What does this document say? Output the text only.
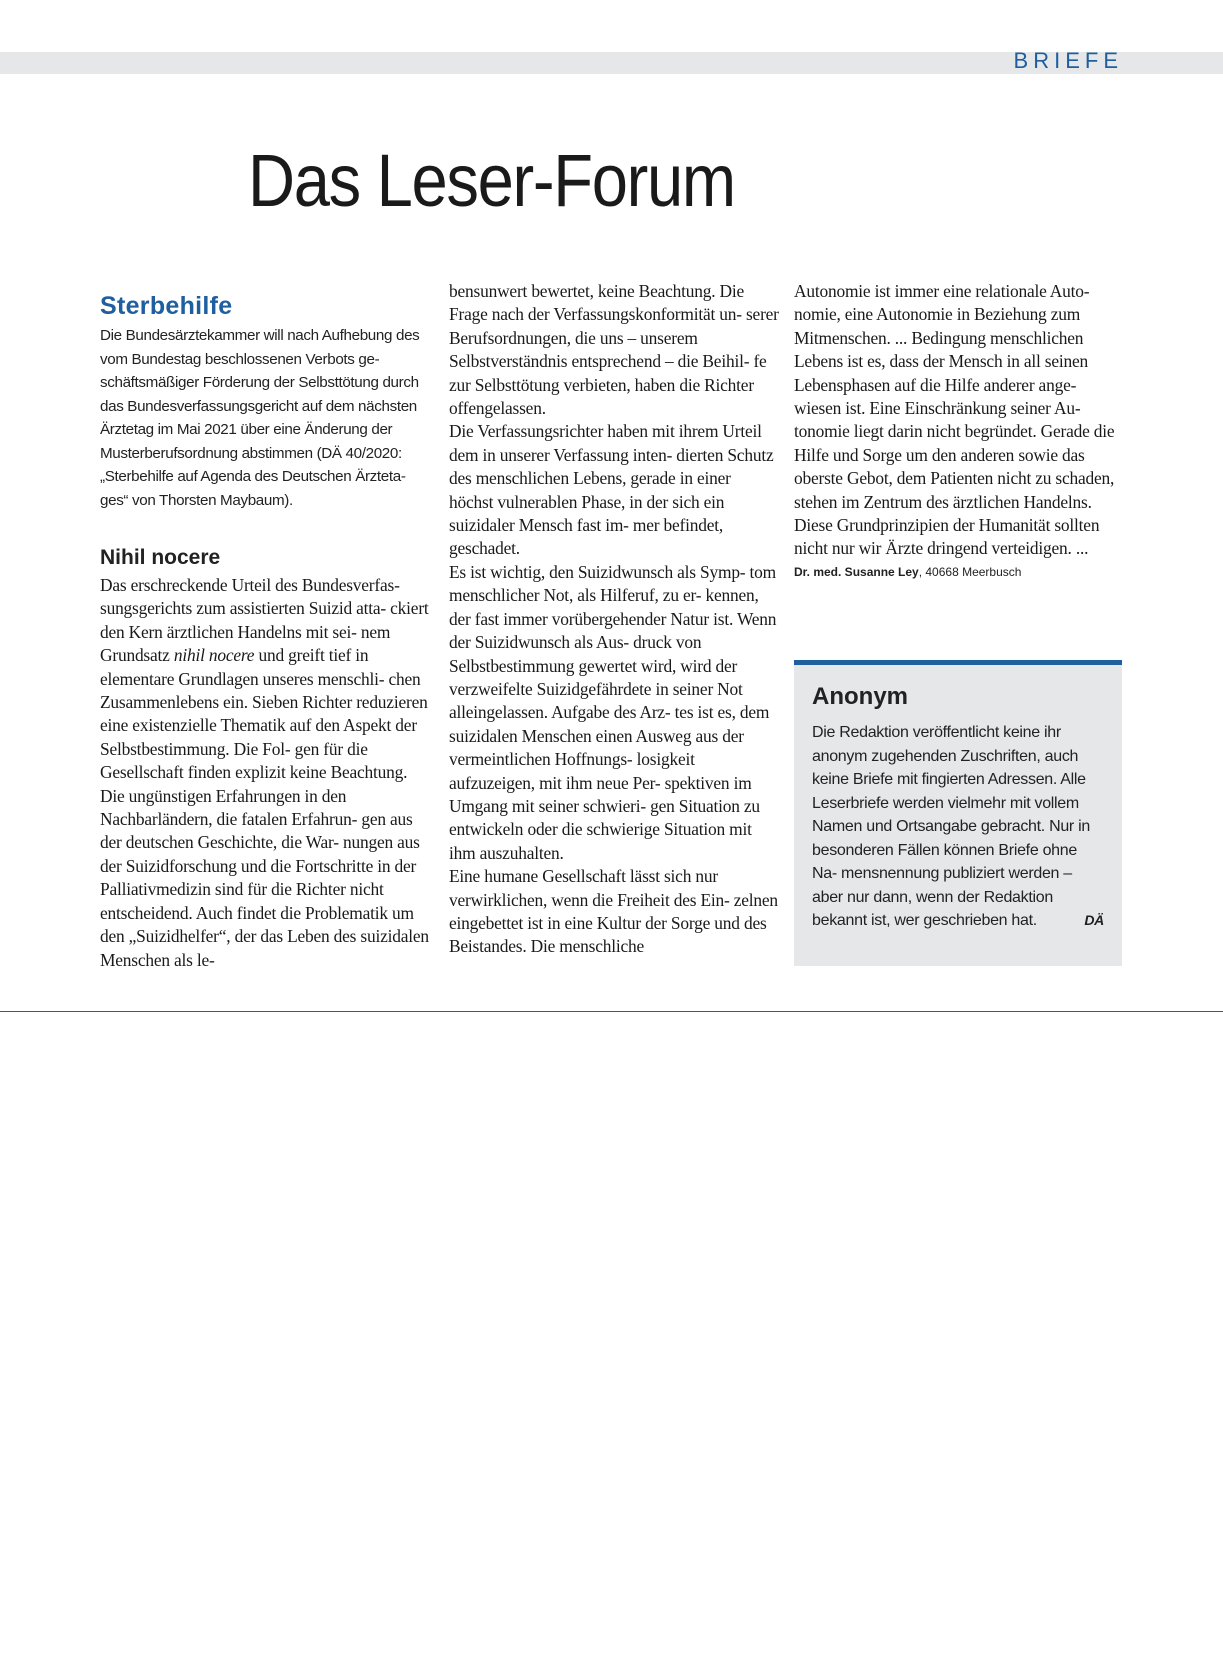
BRIEFE
Das Leser-Forum
Sterbehilfe

Die Bundesärztekammer will nach Aufhebung des vom Bundestag beschlossenen Verbots ge- schäftsmäßiger Förderung der Selbsttötung durch das Bundesverfassungsgericht auf dem nächsten Ärztetag im Mai 2021 über eine Änderung der Musterberufsordnung abstimmen (DÄ 40/2020: „Sterbehilfe auf Agenda des Deutschen Ärzteta- ges“ von Thorsten Maybaum).

Nihil nocere

Das erschreckende Urteil des Bundesverfas- sungsgerichts zum assistierten Suizid atta- ckiert den Kern ärztlichen Handelns mit sei- nem Grundsatz nihil nocere und greift tief in elementare Grundlagen unseres menschli- chen Zusammenlebens ein. Sieben Richter reduzieren eine existenzielle Thematik auf den Aspekt der Selbstbestimmung. Die Fol- gen für die Gesellschaft finden explizit keine Beachtung. Die ungünstigen Erfahrungen in den Nachbarländern, die fatalen Erfahrun- gen aus der deutschen Geschichte, die War- nungen aus der Suizidforschung und die Fortschritte in der Palliativmedizin sind für die Richter nicht entscheidend. Auch findet die Problematik um den „Suizidhelfer“, der das Leben des suizidalen Menschen als le-

bensunwert bewertet, keine Beachtung. Die Frage nach der Verfassungskonformität un- serer Berufsordnungen, die uns – unserem Selbstverständnis entsprechend – die Beihil- fe zur Selbsttötung verbieten, haben die Richter offengelassen.

Die Verfassungsrichter haben mit ihrem Urteil dem in unserer Verfassung inten- dierten Schutz des menschlichen Lebens, gerade in einer höchst vulnerablen Phase, in der sich ein suizidaler Mensch fast im- mer befindet, geschadet.

Es ist wichtig, den Suizidwunsch als Symp- tom menschlicher Not, als Hilferuf, zu er- kennen, der fast immer vorübergehender Natur ist. Wenn der Suizidwunsch als Aus- druck von Selbstbestimmung gewertet wird, wird der verzweifelte Suizidgefährdete in seiner Not alleingelassen. Aufgabe des Arz- tes ist es, dem suizidalen Menschen einen Ausweg aus der vermeintlichen Hoffnungs- losigkeit aufzuzeigen, mit ihm neue Per- spektiven im Umgang mit seiner schwieri- gen Situation zu entwickeln oder die schwierige Situation mit ihm auszuhalten.

Eine humane Gesellschaft lässt sich nur verwirklichen, wenn die Freiheit des Ein- zelnen eingebettet ist in eine Kultur der Sorge und des Beistandes. Die menschliche

Autonomie ist immer eine relationale Auto- nomie, eine Autonomie in Beziehung zum Mitmenschen. ... Bedingung menschlichen Lebens ist es, dass der Mensch in all seinen Lebensphasen auf die Hilfe anderer ange- wiesen ist. Eine Einschränkung seiner Au- tonomie liegt darin nicht begründet. Gerade die Hilfe und Sorge um den anderen sowie das oberste Gebot, dem Patienten nicht zu schaden, stehen im Zentrum des ärztlichen Handelns. Diese Grundprinzipien der Humanität sollten nicht nur wir Ärzte dringend verteidigen. ...

Dr. med. Susanne Ley, 40668 Meerbusch

Anonym

Die Redaktion veröffentlicht keine ihr anonym zugehenden Zuschriften, auch keine Briefe mit fingierten Adressen. Alle Leserbriefe werden vielmehr mit vollem Namen und Ortsangabe gebracht. Nur in besonderen Fällen können Briefe ohne Na- mensnennung publiziert werden – aber nur dann, wenn der Redaktion bekannt ist, wer geschrieben hat.	DÄ
